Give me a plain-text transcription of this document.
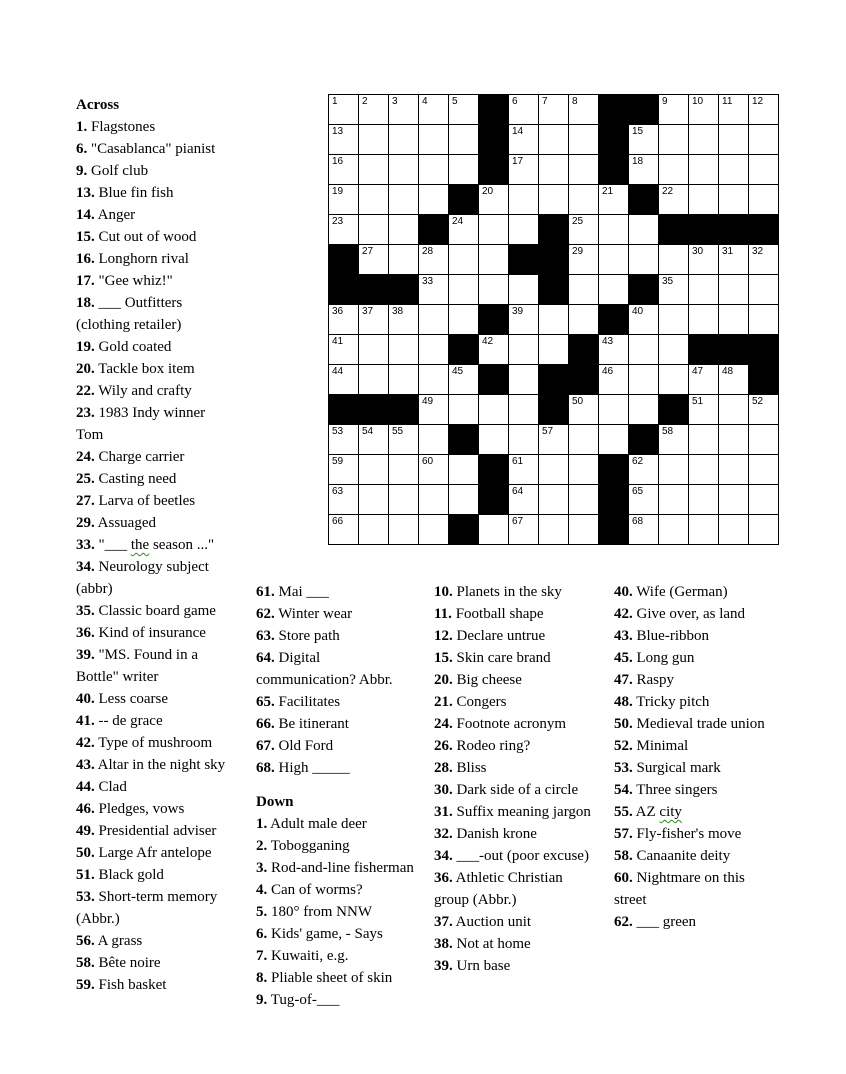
Across
1. Flagstones
6. "Casablanca" pianist
9. Golf club
13. Blue fin fish
14. Anger
15. Cut out of wood
16. Longhorn rival
17. "Gee whiz!"
18. ___ Outfitters (clothing retailer)
19. Gold coated
20. Tackle box item
22. Wily and crafty
23. 1983 Indy winner Tom
24. Charge carrier
25. Casting need
27. Larva of beetles
29. Assuaged
33. "___ the season ..."
34. Neurology subject (abbr)
35. Classic board game
36. Kind of insurance
39. "MS. Found in a Bottle" writer
40. Less coarse
41. -- de grace
42. Type of mushroom
43. Altar in the night sky
44. Clad
46. Pledges, vows
49. Presidential adviser
50. Large Afr antelope
51. Black gold
53. Short-term memory (Abbr.)
56. A grass
58. Bête noire
59. Fish basket
61. Mai ___
62. Winter wear
63. Store path
64. Digital communication? Abbr.
65. Facilitates
66. Be itinerant
67. Old Ford
68. High _____
Down
1. Adult male deer
2. Tobogganing
3. Rod-and-line fisherman
4. Can of worms?
5. 180° from NNW
6. Kids' game, - Says
7. Kuwaiti, e.g.
8. Pliable sheet of skin
9. Tug-of-___
10. Planets in the sky
11. Football shape
12. Declare untrue
15. Skin care brand
20. Big cheese
21. Congers
24. Footnote acronym
26. Rodeo ring?
28. Bliss
30. Dark side of a circle
31. Suffix meaning jargon
32. Danish krone
34. ___-out (poor excuse)
36. Athletic Christian group (Abbr.)
37. Auction unit
38. Not at home
39. Urn base
40. Wife (German)
42. Give over, as land
43. Blue-ribbon
45. Long gun
47. Raspy
48. Tricky pitch
50. Medieval trade union
52. Minimal
53. Surgical mark
54. Three singers
55. AZ city
57. Fly-fisher's move
58. Canaanite deity
60. Nightmare on this street
62. ___ green
1 2 3 4 5	6 7 8	9 10 11 12
13	14	15
16	17	18
19	20	21	22
23	24	25	26
27	28	29	30 31 32
33	34	35
36 37 38	39	40
41	42	43
44	45	46	47 48
49	50	51	52
53 54 55	56	57	58
59	60	61	62
63	64	65
66	67	68
